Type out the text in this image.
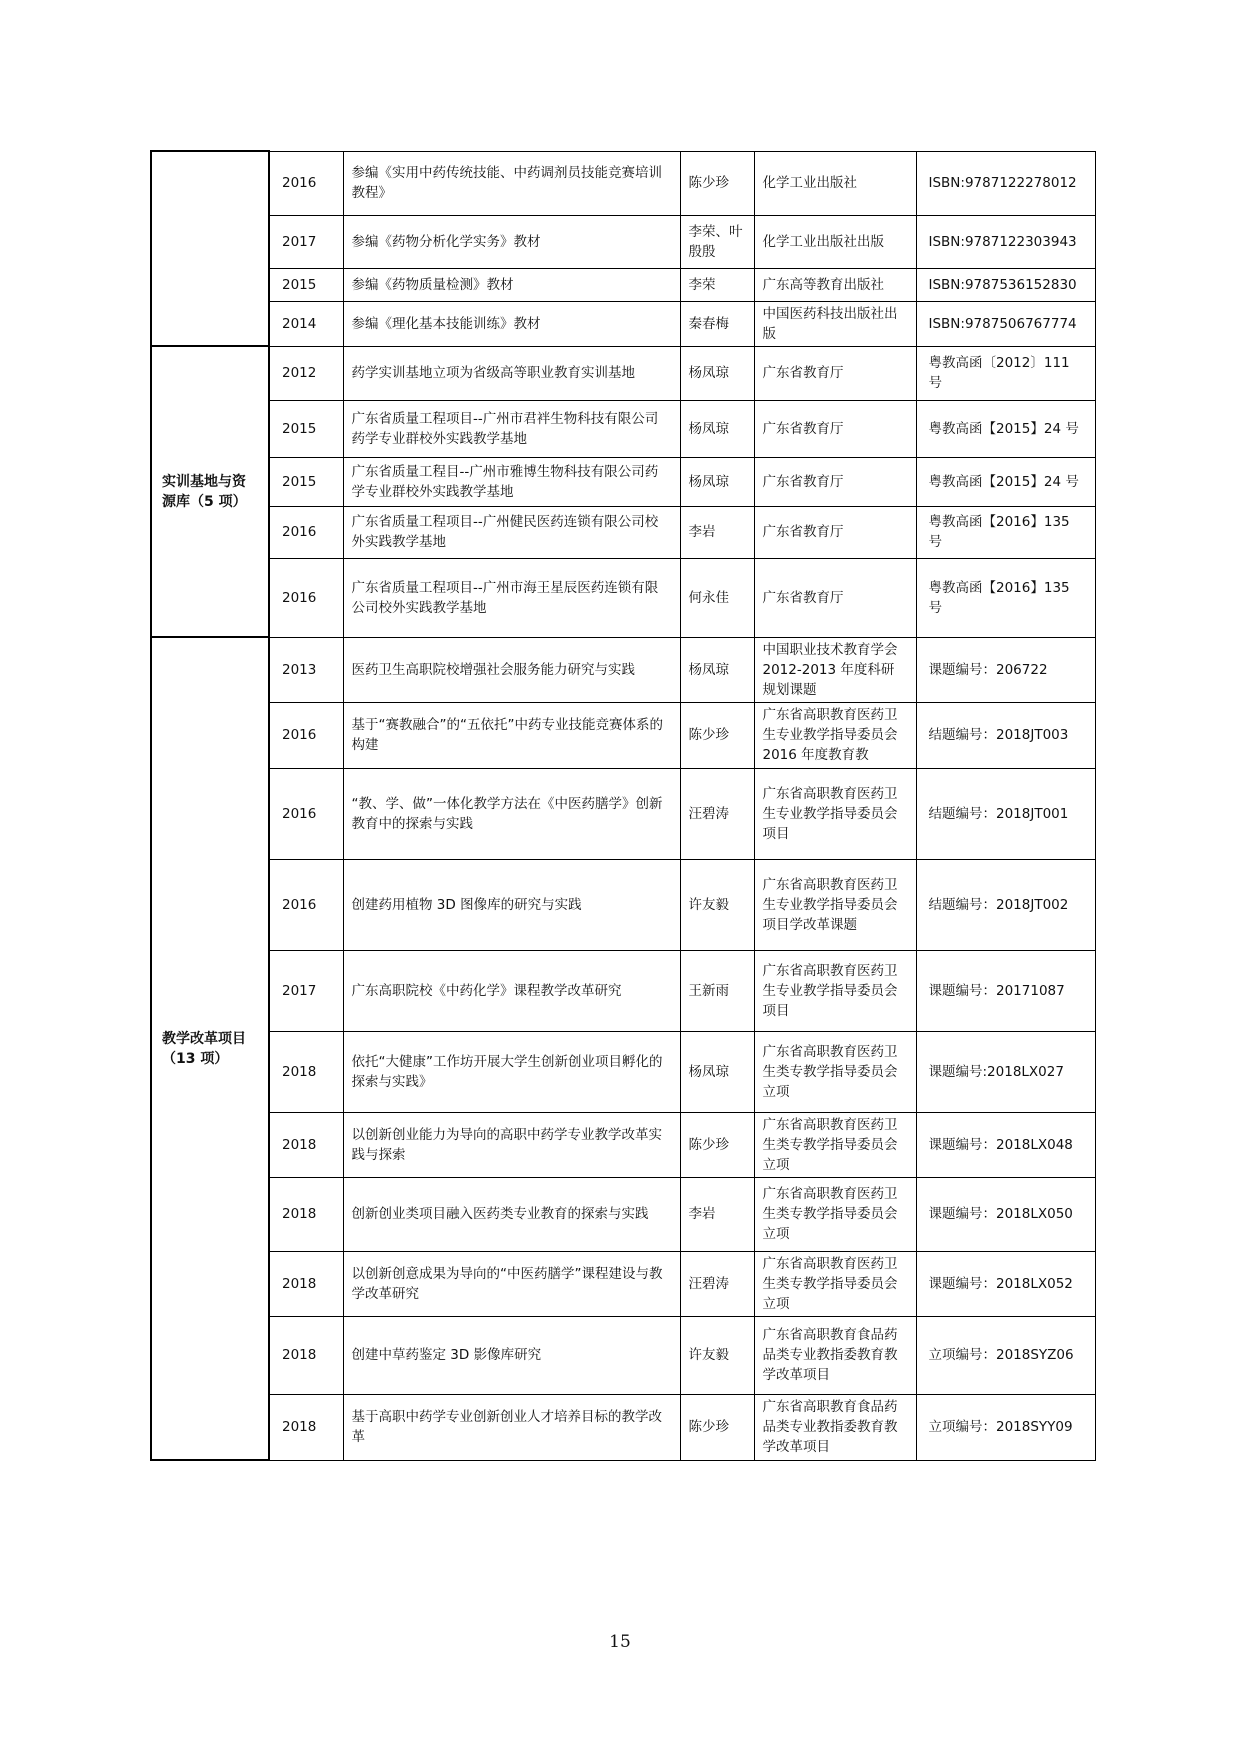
	2016	参编《实用中药传统技能、中药调剂员技能竞赛培训教程》	陈少珍	化学工业出版社	ISBN:9787122278012
	2017	参编《药物分析化学实务》教材	李荣、叶殷殷	化学工业出版社出版	ISBN:9787122303943
	2015	参编《药物质量检测》教材	李荣	广东高等教育出版社	ISBN:9787536152830
	2014	参编《理化基本技能训练》教材	秦春梅	中国医药科技出版社出版	ISBN:9787506767774
实训基地与资源库（5 项）	2012	药学实训基地立项为省级高等职业教育实训基地	杨凤琼	广东省教育厅	粤教高函〔2012〕111 号
	2015	广东省质量工程项目--广州市君袢生物科技有限公司药学专业群校外实践教学基地	杨凤琼	广东省教育厅	粤教高函【2015】24 号
	2015	广东省质量工程目--广州市雅博生物科技有限公司药学专业群校外实践教学基地	杨凤琼	广东省教育厅	粤教高函【2015】24 号
	2016	广东省质量工程项目--广州健民医药连锁有限公司校外实践教学基地	李岩	广东省教育厅	粤教高函【2016】135 号
	2016	广东省质量工程项目--广州市海王星辰医药连锁有限公司校外实践教学基地	何永佳	广东省教育厅	粤教高函【2016】135 号
教学改革项目（13 项）	2013	医药卫生高职院校增强社会服务能力研究与实践	杨凤琼	中国职业技术教育学会 2012-2013 年度科研规划课题	课题编号：206722
	2016	基于“赛教融合”的“五依托”中药专业技能竞赛体系的构建	陈少珍	广东省高职教育医药卫生专业教学指导委员会 2016 年度教育教	结题编号：2018JT003
	2016	“教、学、做”一体化教学方法在《中医药膳学》创新教育中的探索与实践	汪碧涛	广东省高职教育医药卫生专业教学指导委员会项目	结题编号：2018JT001
	2016	创建药用植物 3D 图像库的研究与实践	许友毅	广东省高职教育医药卫生专业教学指导委员会项目学改革课题	结题编号：2018JT002
	2017	广东高职院校《中药化学》课程教学改革研究	王新雨	广东省高职教育医药卫生专业教学指导委员会项目	课题编号：20171087
	2018	依托“大健康”工作坊开展大学生创新创业项目孵化的探索与实践》	杨凤琼	广东省高职教育医药卫生类专教学指导委员会立项	课题编号:2018LX027
	2018	以创新创业能力为导向的高职中药学专业教学改革实践与探索	陈少珍	广东省高职教育医药卫生类专教学指导委员会立项	课题编号：2018LX048
	2018	创新创业类项目融入医药类专业教育的探索与实践	李岩	广东省高职教育医药卫生类专教学指导委员会立项	课题编号：2018LX050
	2018	以创新创意成果为导向的“中医药膳学”课程建设与教学改革研究	汪碧涛	广东省高职教育医药卫生类专教学指导委员会立项	课题编号：2018LX052
	2018	创建中草药鉴定 3D 影像库研究	许友毅	广东省高职教育食品药品类专业教指委教育教学改革项目	立项编号：2018SYZ06
	2018	基于高职中药学专业创新创业人才培养目标的教学改革	陈少珍	广东省高职教育食品药品类专业教指委教育教学改革项目	立项编号：2018SYY09
15
